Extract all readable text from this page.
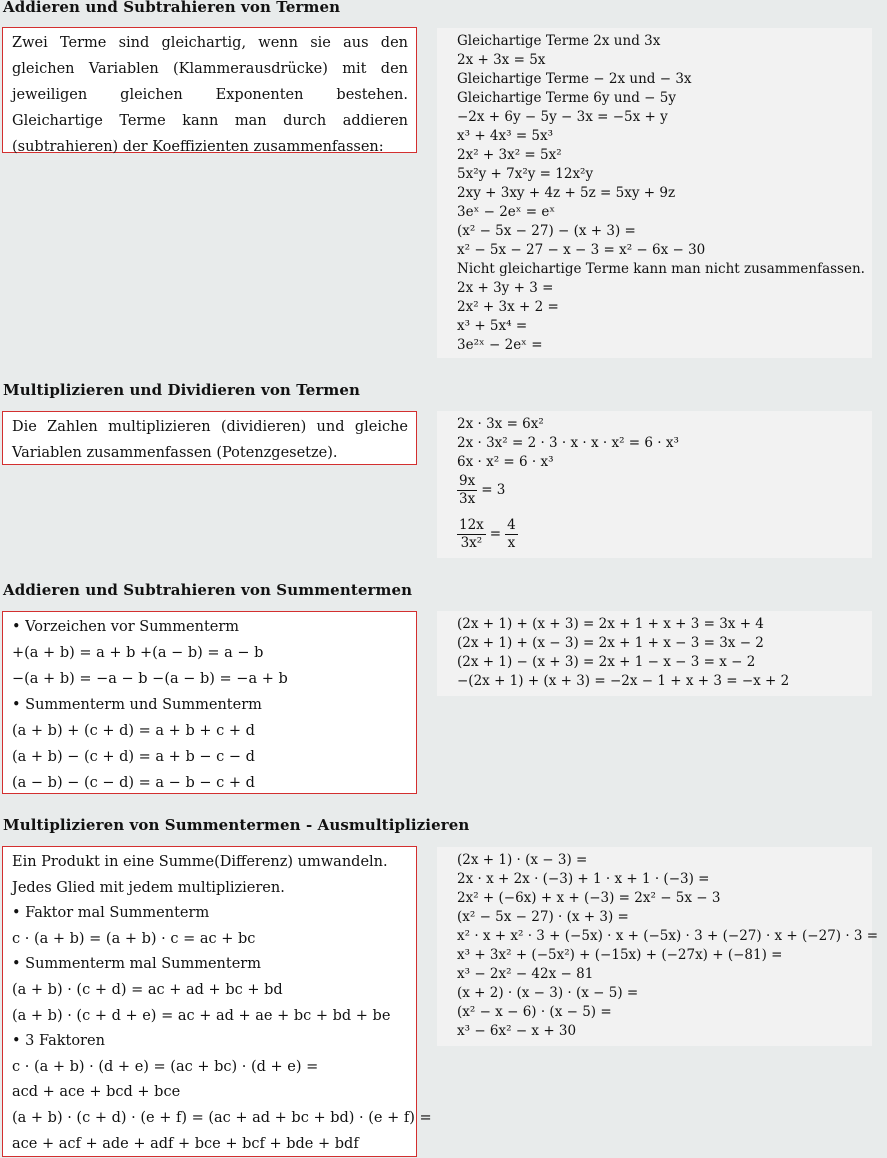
Addieren und Subtrahieren von Termen

Zwei Terme sind gleichartig, wenn sie aus den gleichen Variablen (Klammerausdrücke) mit den jeweiligen gleichen Exponenten bestehen. Gleichartige Terme kann man durch addieren (subtrahieren) der Koeffizienten zusammenfassen:

Gleichartige Terme 2x und 3x
2x + 3x = 5x
Gleichartige Terme − 2x und − 3x
Gleichartige Terme 6y und − 5y
−2x + 6y − 5y − 3x = −5x + y
x³ + 4x³ = 5x³
2x² + 3x² = 5x²
5x²y + 7x²y = 12x²y
2xy + 3xy + 4z + 5z = 5xy + 9z
3eˣ − 2eˣ = eˣ
(x² − 5x − 27) − (x + 3) =
x² − 5x − 27 − x − 3 = x² − 6x − 30
Nicht gleichartige Terme kann man nicht zusammenfassen.
2x + 3y + 3 =
2x² + 3x + 2 =
x³ + 5x⁴ =
3e²ˣ − 2eˣ =
Multiplizieren und Dividieren von Termen

Die Zahlen multiplizieren (dividieren) und gleiche Variablen zusammenfassen (Potenzgesetze).

2x · 3x = 6x²
2x · 3x² = 2 · 3 · x · x · x² = 6 · x³
6x · x² = 6 · x³
$\frac{9x}{3x} = 3$
$\frac{12x}{\text{3x²}} = \frac{4}{x}$
Addieren und Subtrahieren von Summentermen
• Vorzeichen vor Summenterm
+(a + b) = a + b +(a − b) = a − b
−(a + b) = −a − b −(a − b) = −a + b
• Summenterm und Summenterm
(a + b) + (c + d) = a + b + c + d
(a + b) − (c + d) = a + b − c − d
(a − b) − (c − d) = a − b − c + d
(2x + 1) + (x + 3) = 2x + 1 + x + 3 = 3x + 4
(2x + 1) + (x − 3) = 2x + 1 + x − 3 = 3x − 2
(2x + 1) − (x + 3) = 2x + 1 − x − 3 = x − 2
−(2x + 1) + (x + 3) = −2x − 1 + x + 3 = −x + 2
Multiplizieren von Summentermen - Ausmultiplizieren
Ein Produkt in eine Summe(Differenz) umwandeln.
Jedes Glied mit jedem multiplizieren.
• Faktor mal Summenterm
c · (a + b) = (a + b) · c = ac + bc
• Summenterm mal Summenterm
(a + b) · (c + d) = ac + ad + bc + bd
(a + b) · (c + d + e) = ac + ad + ae + bc + bd + be
• 3 Faktoren
c · (a + b) · (d + e) = (ac + bc) · (d + e) =
acd + ace + bcd + bce
(a + b) · (c + d) · (e + f) = (ac + ad + bc + bd) · (e + f) =
ace + acf + ade + adf + bce + bcf + bde + bdf
(2x + 1) · (x − 3) =
2x · x + 2x · (−3) + 1 · x + 1 · (−3) =
2x² + (−6x) + x + (−3) = 2x² − 5x − 3
(x² − 5x − 27) · (x + 3) =
x² · x + x² · 3 + (−5x) · x + (−5x) · 3 + (−27) · x + (−27) · 3 =
x³ + 3x² + (−5x²) + (−15x) + (−27x) + (−81) =
x³ − 2x² − 42x − 81
(x + 2) · (x − 3) · (x − 5) =
(x² − x − 6) · (x − 5) =
x³ − 6x² − x + 30
